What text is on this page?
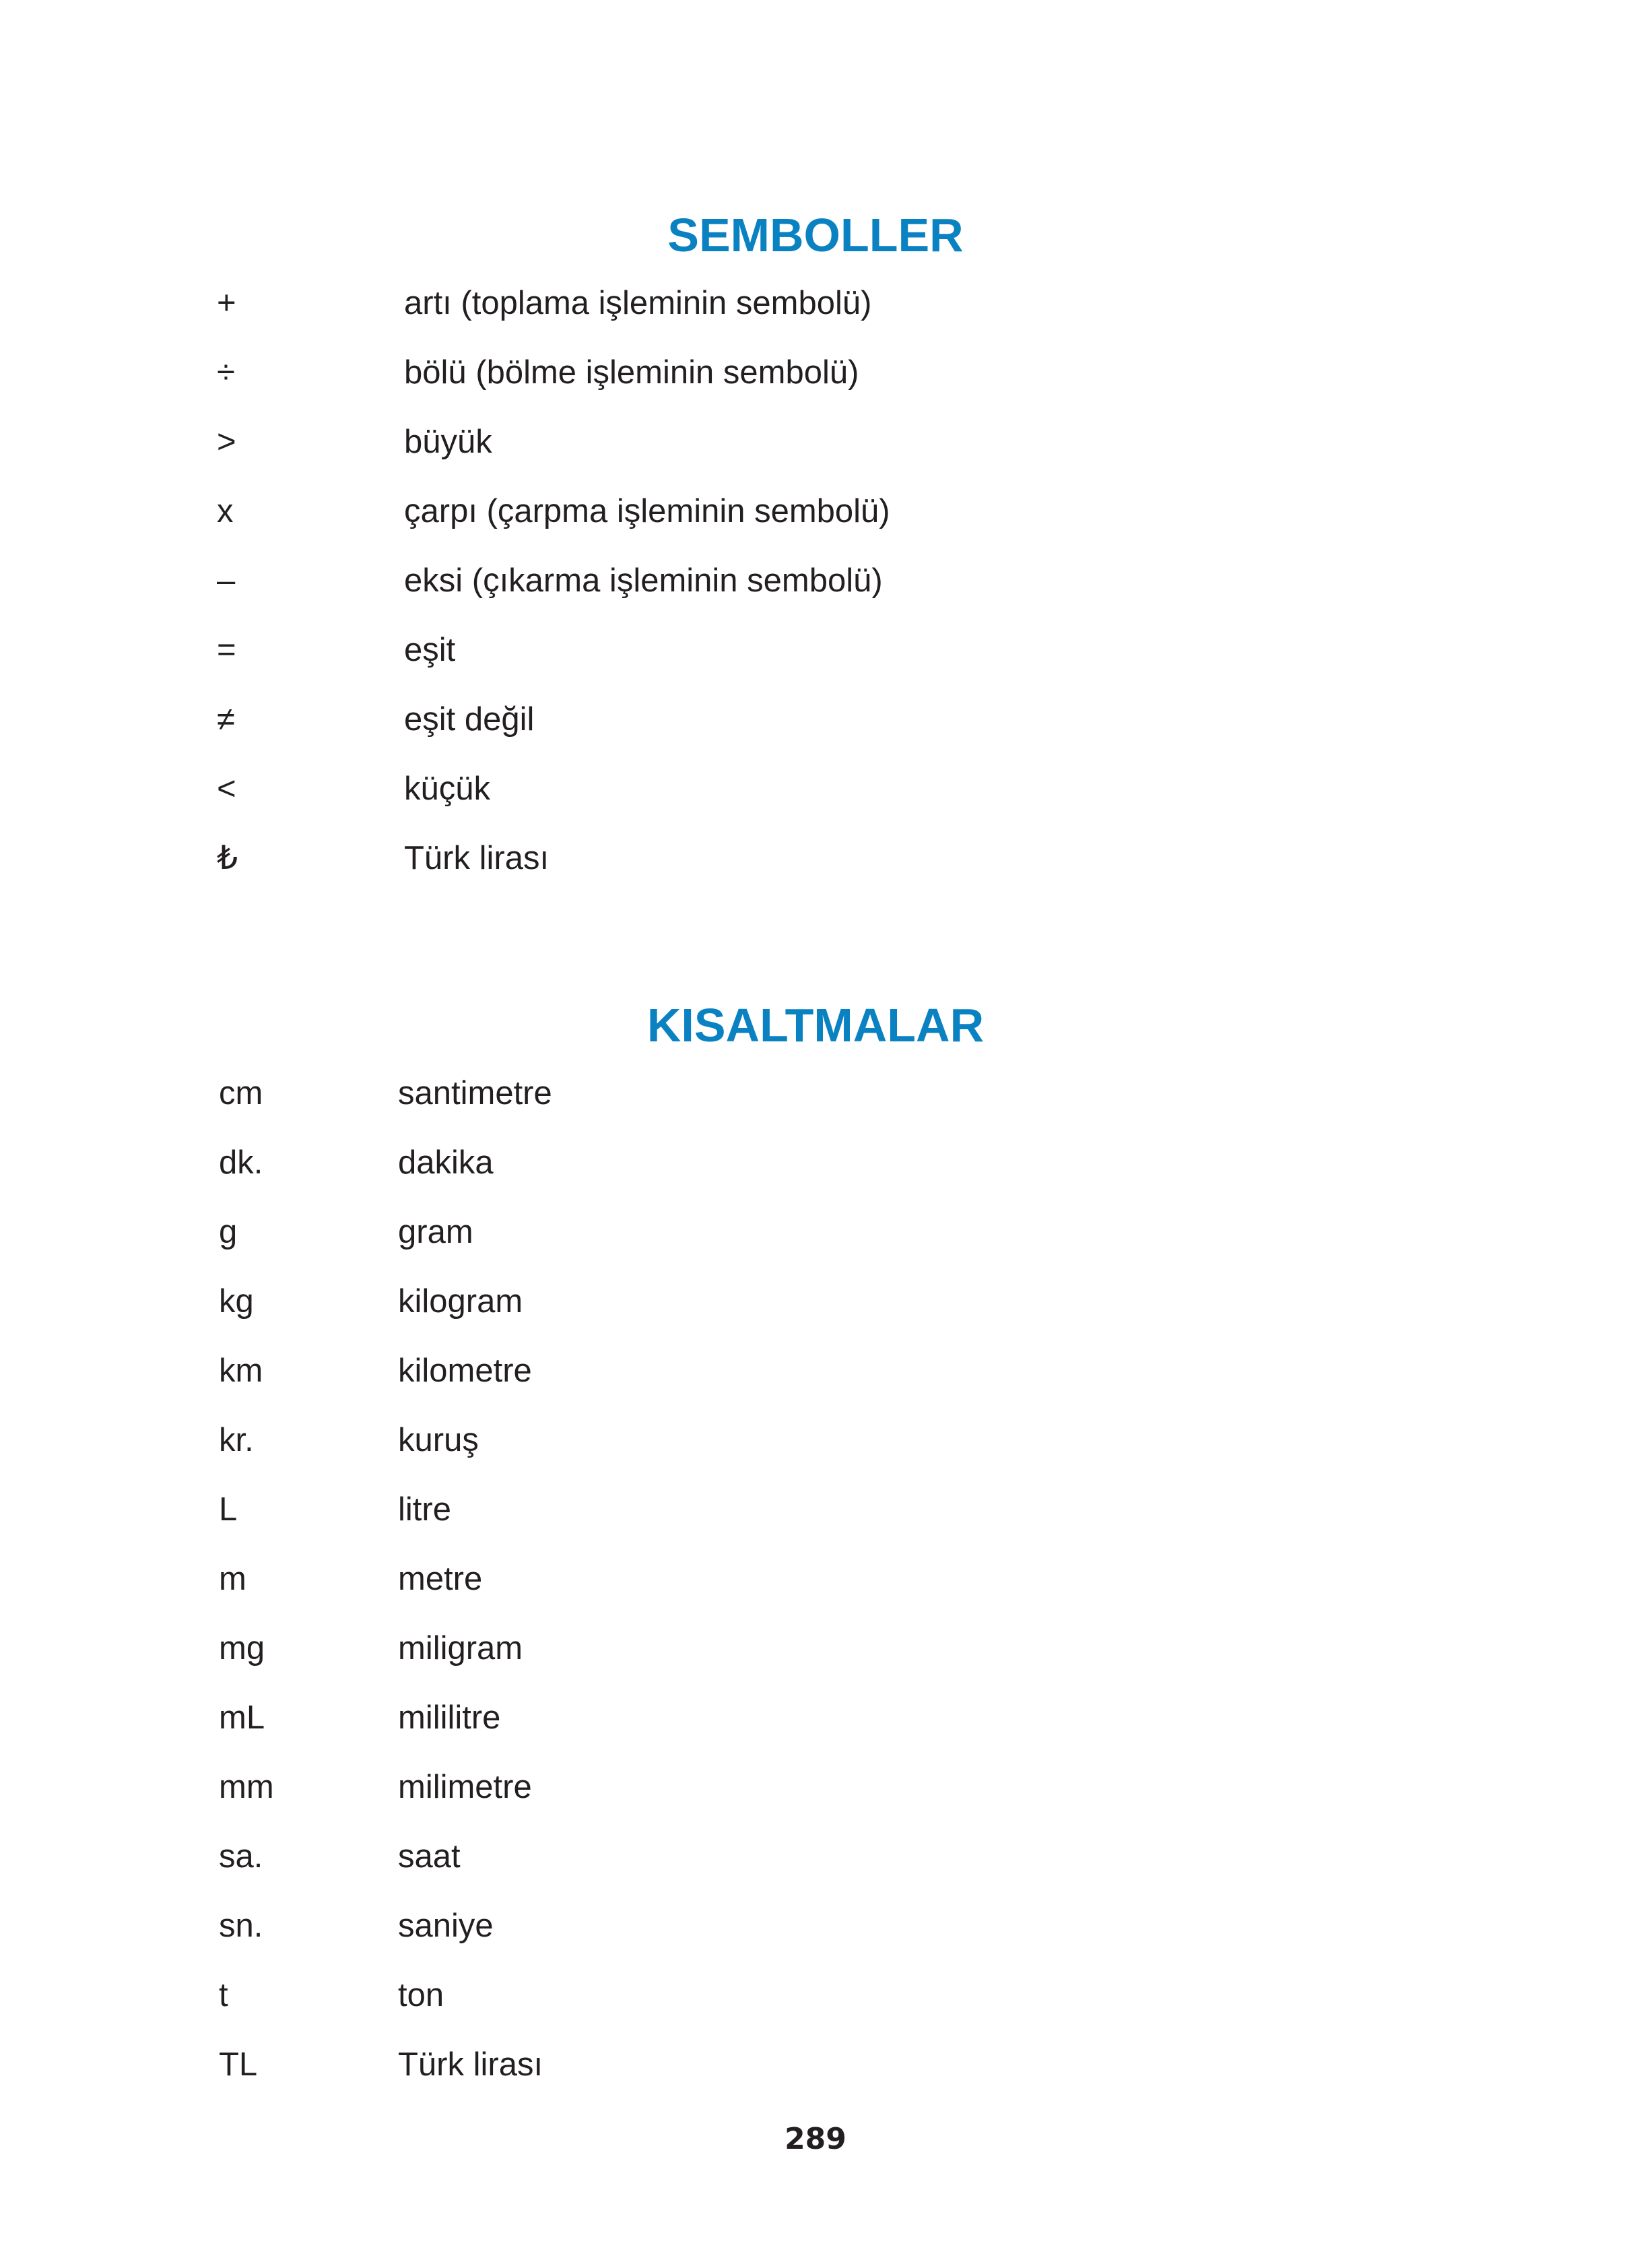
SEMBOLLER
+	artı (toplama işleminin sembolü)
÷	bölü (bölme işleminin sembolü)
>	büyük
x	çarpı (çarpma işleminin sembolü)
–	eksi (çıkarma işleminin sembolü)
=	eşit
≠	eşit değil
<	küçük
₺	Türk lirası
KISALTMALAR
cm	santimetre
dk.	dakika
g	gram
kg	kilogram
km	kilometre
kr.	kuruş
L	litre
m	metre
mg	miligram
mL	mililitre
mm	milimetre
sa.	saat
sn.	saniye
t	ton
TL	Türk lirası
289
